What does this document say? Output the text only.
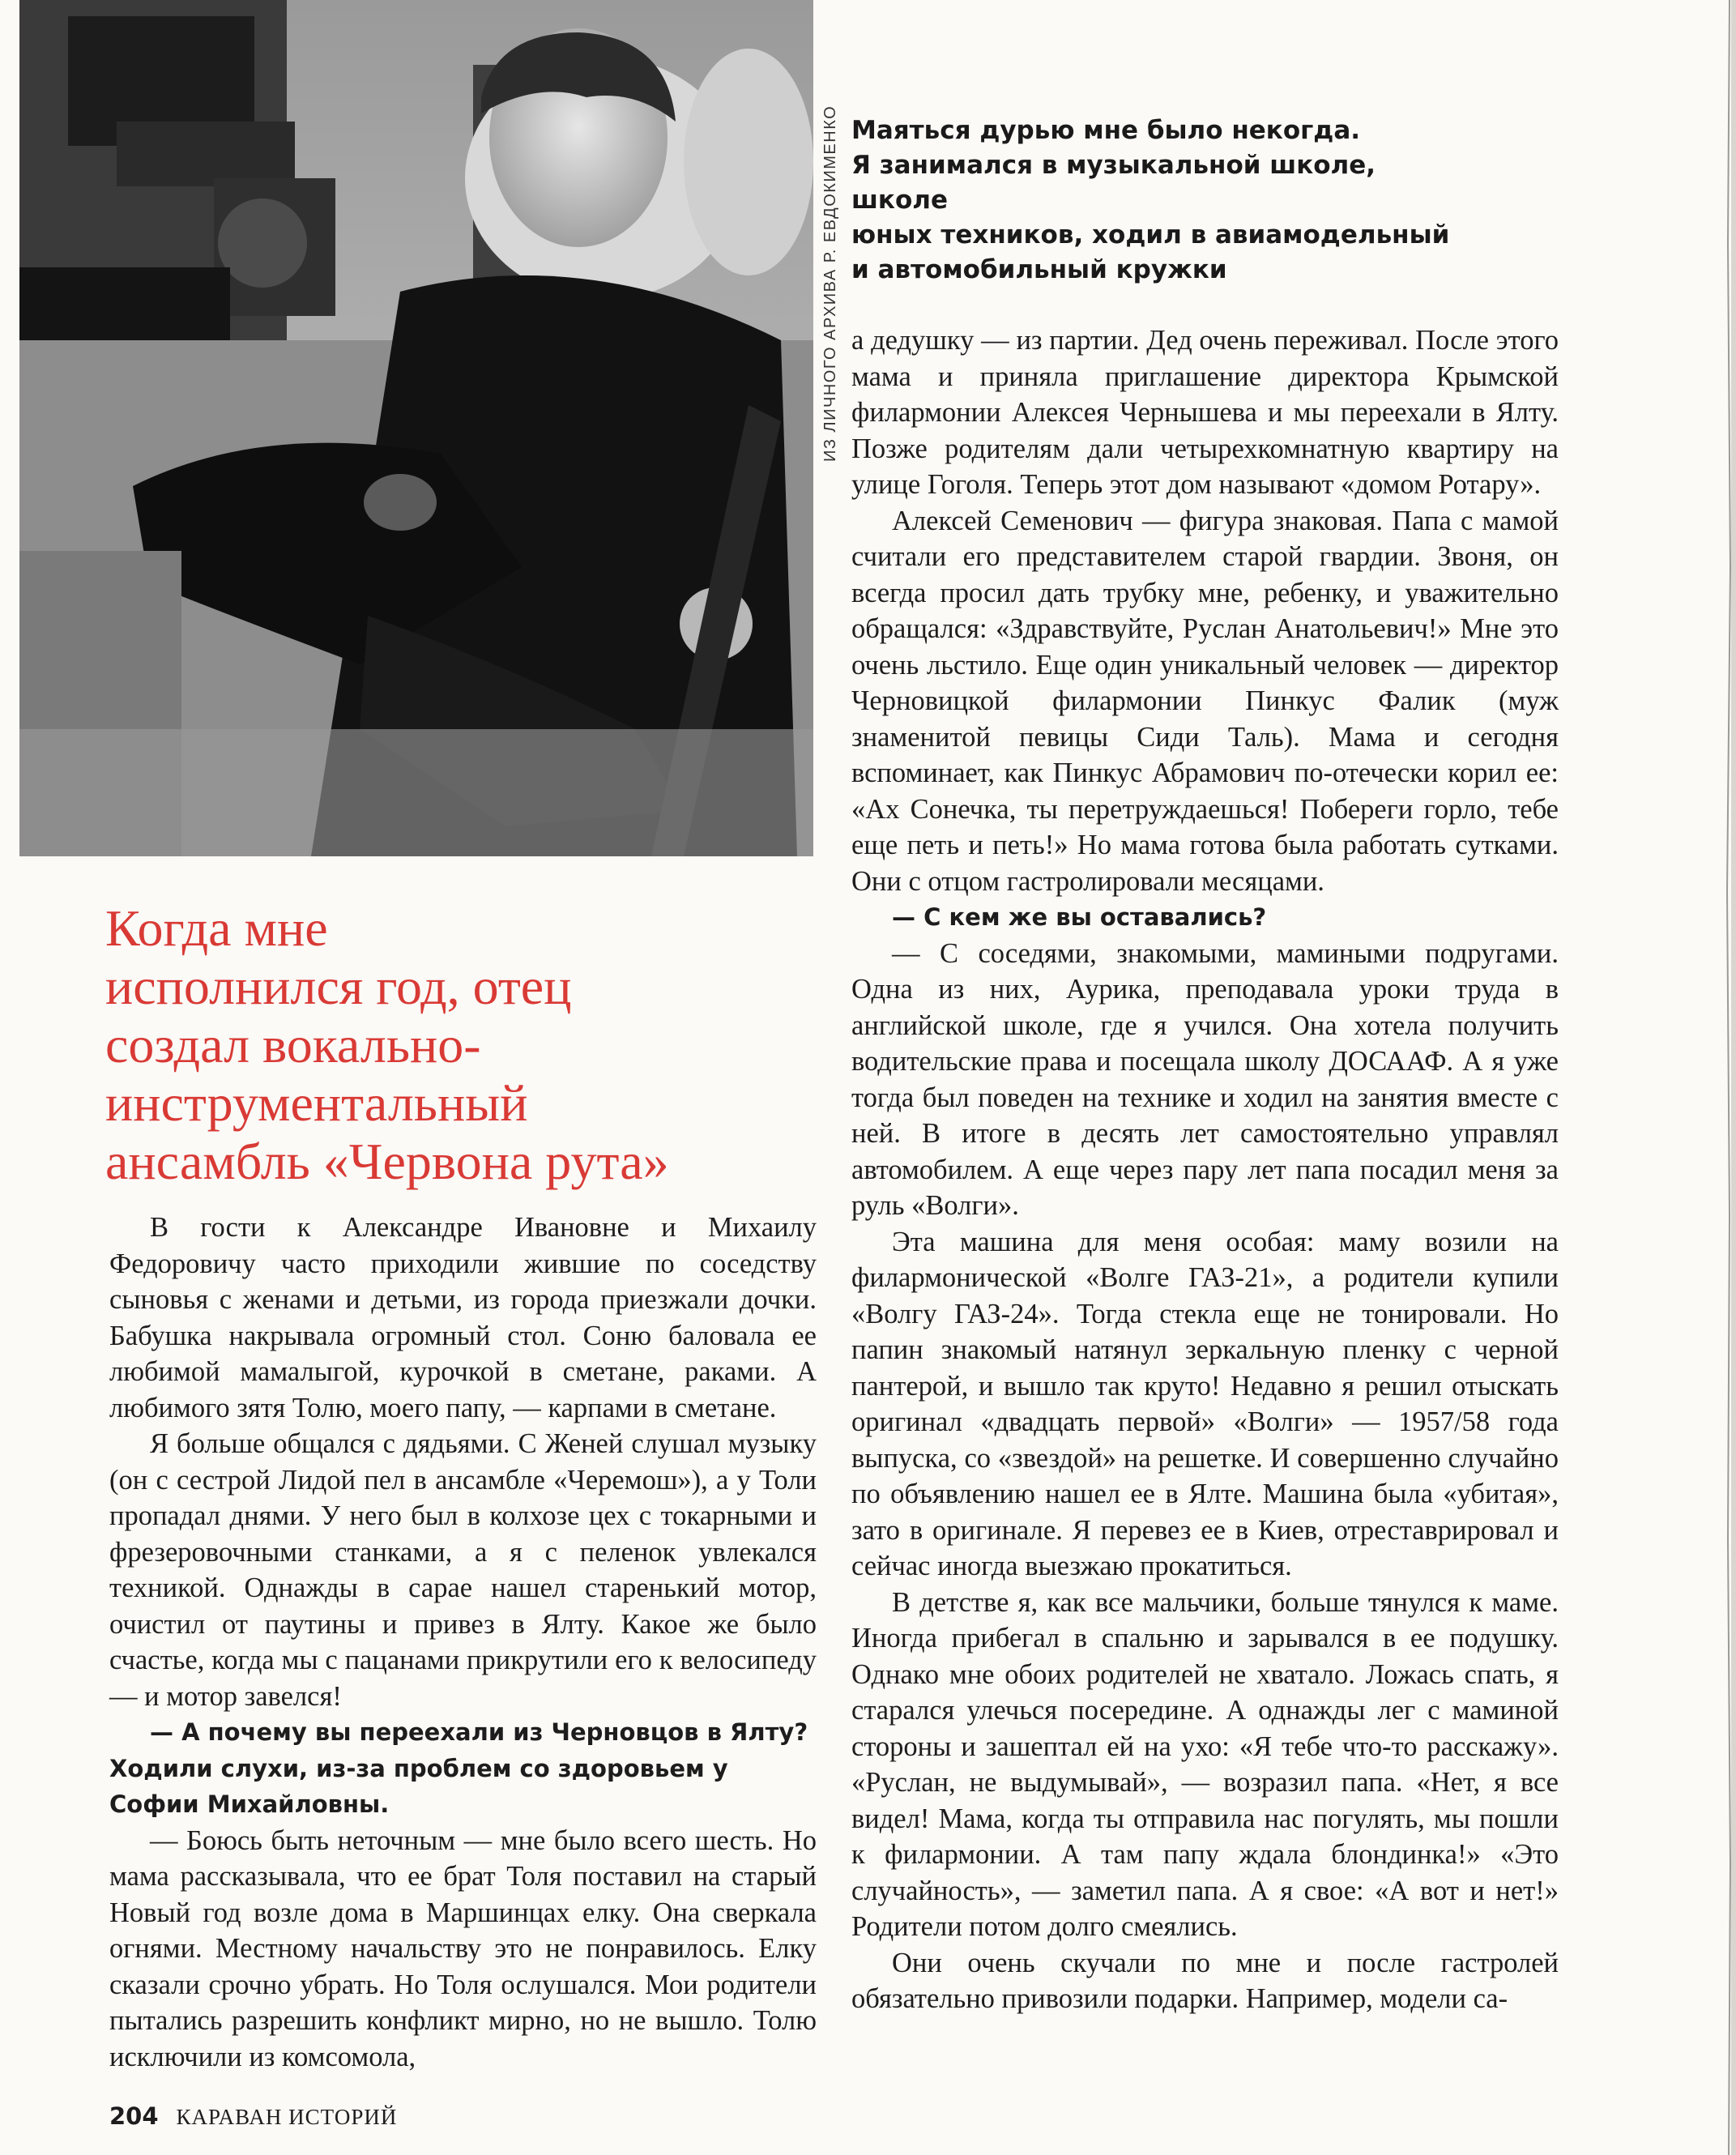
ИЗ ЛИЧНОГО АРХИВА Р. ЕВДОКИМЕНКО Маяться дурью мне было некогда.
Я занимался в музыкальной школе, школе
юных техников, ходил в авиамодельный
и автомобильный кружки

Когда мне
исполнился год, отец
создал вокально-
инструментальный
ансамбль «Червона рута»

В гости к Александре Ивановне и Михаилу Федоровичу часто приходили жившие по соседству сыновья с женами и детьми, из города приезжали дочки. Бабушка накрывала огромный стол. Соню баловала ее любимой мамалыгой, курочкой в сметане, раками. А любимого зятя Толю, моего папу, — карпами в сметане.

Я больше общался с дядьями. С Женей слушал музыку (он с сестрой Лидой пел в ансамбле «Черемош»), а у Толи пропадал днями. У него был в колхозе цех с токарными и фрезеровочными станками, а я с пеленок увлекался техникой. Однажды в сарае нашел старенький мотор, очистил от паутины и привез в Ялту. Какое же было счастье, когда мы с пацанами прикрутили его к велосипеду — и мотор завелся!

— А почему вы переехали из Черновцов в Ялту? Ходили слухи, из-за проблем со здоровьем у Софии Михайловны.

— Боюсь быть неточным — мне было всего шесть. Но мама рассказывала, что ее брат Толя поставил на старый Новый год возле дома в Маршинцах елку. Она сверкала огнями. Местному начальству это не понравилось. Елку сказали срочно убрать. Но Толя ослушался. Мои родители пытались разрешить конфликт мирно, но не вышло. Толю исключили из комсомола,

а дедушку — из партии. Дед очень переживал. После этого мама и приняла приглашение директора Крымской филармонии Алексея Чернышева и мы переехали в Ялту. Позже родителям дали четырехкомнатную квартиру на улице Гоголя. Теперь этот дом называют «домом Ротару».

Алексей Семенович — фигура знаковая. Папа с мамой считали его представителем старой гвардии. Звоня, он всегда просил дать трубку мне, ребенку, и уважительно обращался: «Здравствуйте, Руслан Анатольевич!» Мне это очень льстило. Еще один уникальный человек — директор Черновицкой филармонии Пинкус Фалик (муж знаменитой певицы Сиди Таль). Мама и сегодня вспоминает, как Пинкус Абрамович по-отечески корил ее: «Ах Сонечка, ты перетруждаешься! Побереги горло, тебе еще петь и петь!» Но мама готова была работать сутками. Они с отцом гастролировали месяцами.

— С кем же вы оставались?

— С соседями, знакомыми, мамиными подругами. Одна из них, Аурика, преподавала уроки труда в английской школе, где я учился. Она хотела получить водительские права и посещала школу ДОСААФ. А я уже тогда был поведен на технике и ходил на занятия вместе с ней. В итоге в десять лет самостоятельно управлял автомобилем. А еще через пару лет папа посадил меня за руль «Волги».

Эта машина для меня особая: маму возили на филармонической «Волге ГАЗ-21», а родители купили «Волгу ГАЗ-24». Тогда стекла еще не тонировали. Но папин знакомый натянул зеркальную пленку с черной пантерой, и вышло так круто! Недавно я решил отыскать оригинал «двадцать первой» «Волги» — 1957/58 года выпуска, со «звездой» на решетке. И совершенно случайно по объявлению нашел ее в Ялте. Машина была «убитая», зато в оригинале. Я перевез ее в Киев, отреставрировал и сейчас иногда выезжаю прокатиться.

В детстве я, как все мальчики, больше тянулся к маме. Иногда прибегал в спальню и зарывался в ее подушку. Однако мне обоих родителей не хватало. Ложась спать, я старался улечься посередине. А однажды лег с маминой стороны и зашептал ей на ухо: «Я тебе что-то расскажу». «Руслан, не выдумывай», — возразил папа. «Нет, я все видел! Мама, когда ты отправила нас погулять, мы пошли к филармонии. А там папу ждала блондинка!» «Это случайность», — заметил папа. А я свое: «А вот и нет!» Родители потом долго смеялись.

Они очень скучали по мне и после гастролей обязательно привозили подарки. Например, модели са-

204 КАРАВАН ИСТОРИЙ
